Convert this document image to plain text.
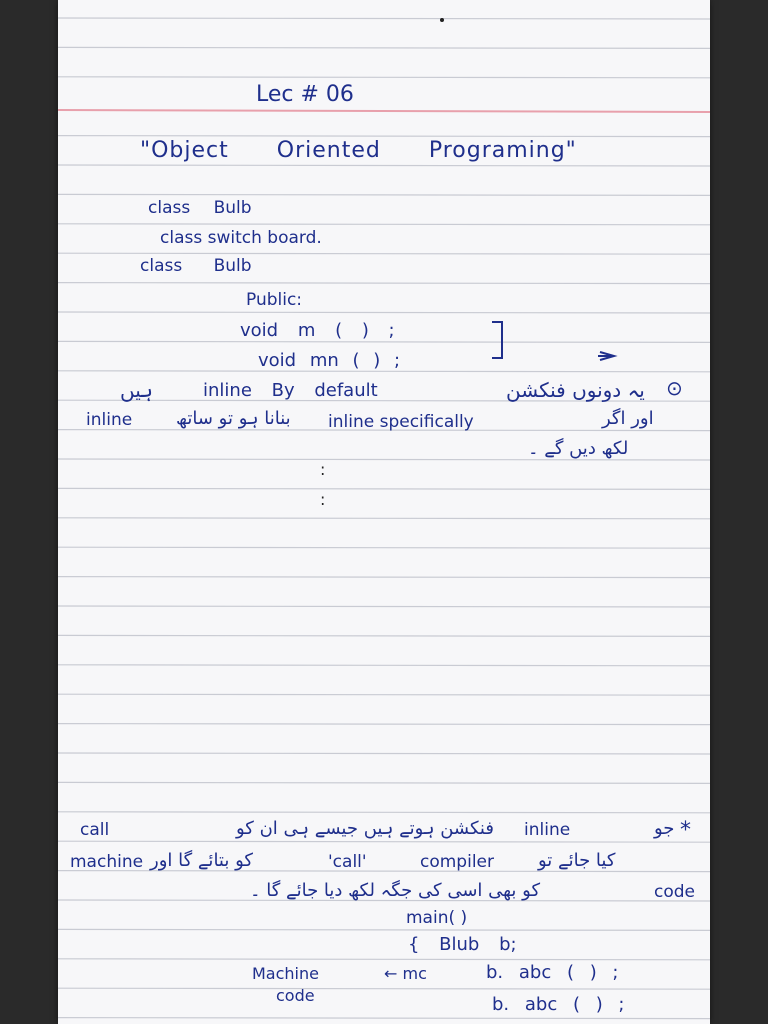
Lec # 06
"Object Oriented Programing"
class Bulb
class switch board.
class Bulb
Public:
void m ( ) ;
void mn ( ) ;
⊙
یہ دونوں فنکشن
inline By default
ہیں
inline بنانا ہو تو ساتھ inline specifically	اور اگر
لکھ دیں گے ۔
:
:
*
جو
inline
فنکشن ہوتے ہیں جیسے ہی ان کو
call
machine کو بتائے گا اور	'call'	compiler کیا جائے تو
کو بھی اسی کی جگہ لکھ دیا جائے گا ۔	code
main( )
{ Blub b;
Machine
code
← mc	b. abc ( ) ;
b. abc ( ) ;
